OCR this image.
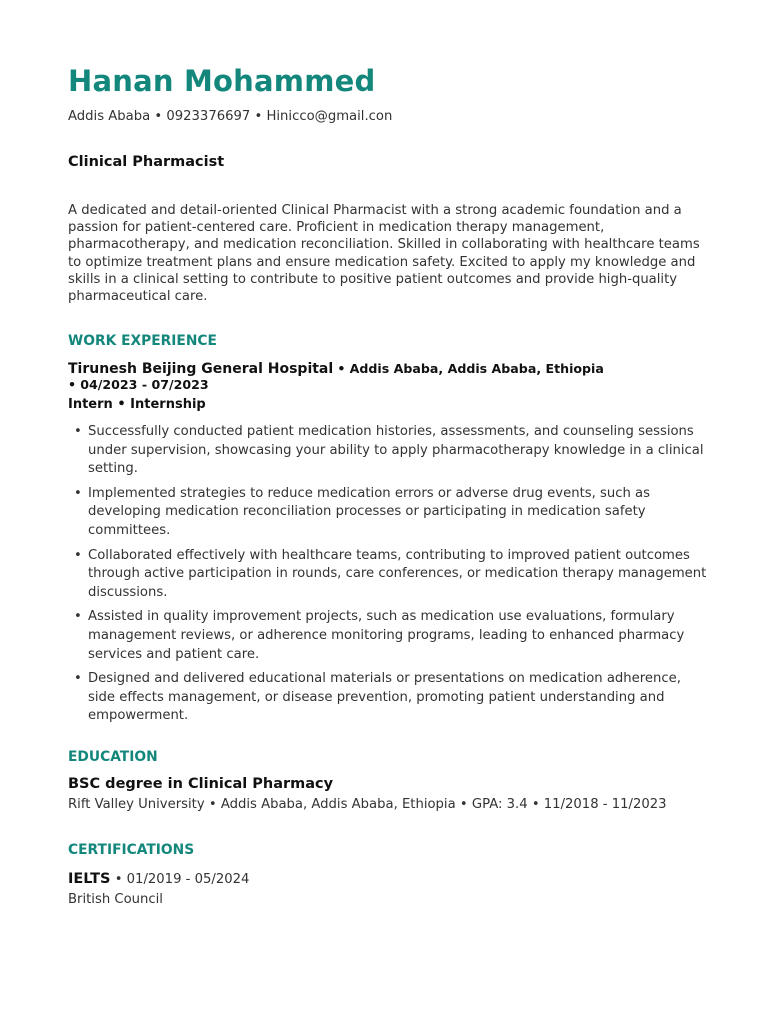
Hanan Mohammed
Addis Ababa • 0923376697 • Hinicco@gmail.con
Clinical Pharmacist
A dedicated and detail-oriented Clinical Pharmacist with a strong academic foundation and a passion for patient-centered care. Proficient in medication therapy management, pharmacotherapy, and medication reconciliation. Skilled in collaborating with healthcare teams to optimize treatment plans and ensure medication safety. Excited to apply my knowledge and skills in a clinical setting to contribute to positive patient outcomes and provide high-quality pharmaceutical care.
WORK EXPERIENCE
Tirunesh Beijing General Hospital • Addis Ababa, Addis Ababa, Ethiopia • 04/2023 - 07/2023
Intern • Internship
• Successfully conducted patient medication histories, assessments, and counseling sessions under supervision, showcasing your ability to apply pharmacotherapy knowledge in a clinical setting.
• Implemented strategies to reduce medication errors or adverse drug events, such as developing medication reconciliation processes or participating in medication safety committees.
• Collaborated effectively with healthcare teams, contributing to improved patient outcomes through active participation in rounds, care conferences, or medication therapy management discussions.
• Assisted in quality improvement projects, such as medication use evaluations, formulary management reviews, or adherence monitoring programs, leading to enhanced pharmacy services and patient care.
• Designed and delivered educational materials or presentations on medication adherence, side effects management, or disease prevention, promoting patient understanding and empowerment.
EDUCATION
BSC degree in Clinical Pharmacy
Rift Valley University • Addis Ababa, Addis Ababa, Ethiopia • GPA: 3.4 • 11/2018 - 11/2023
CERTIFICATIONS
IELTS • 01/2019 - 05/2024
British Council
